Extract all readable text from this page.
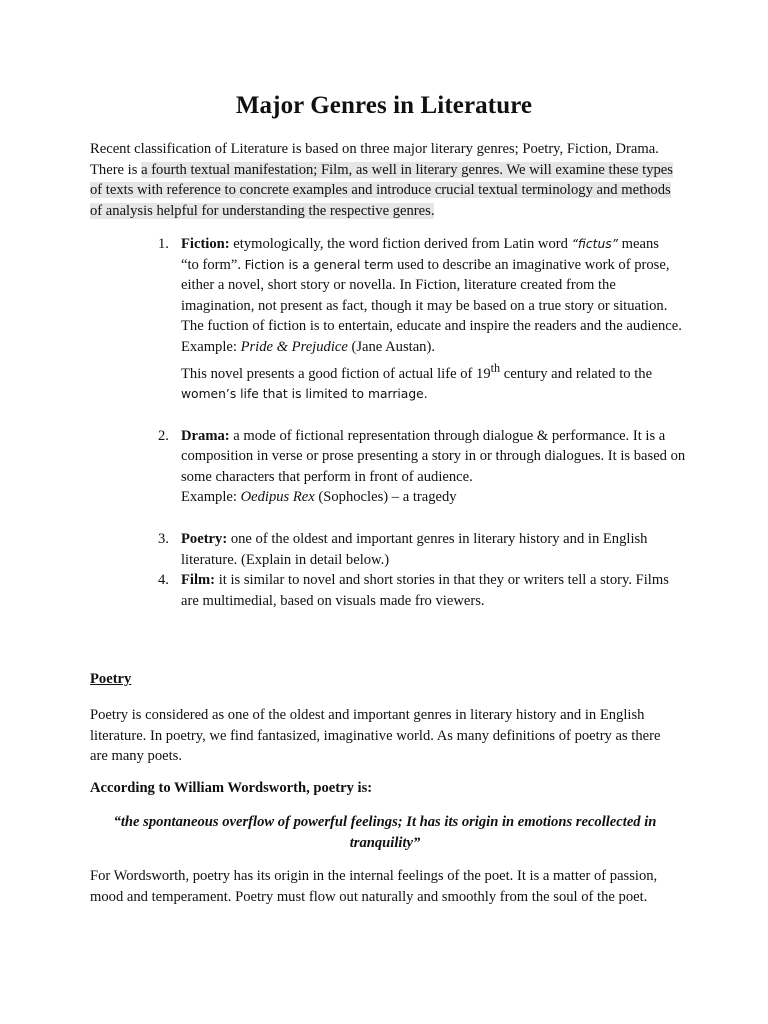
Major Genres in Literature

Recent classification of Literature is based on three major literary genres; Poetry, Fiction, Drama. There is a fourth textual manifestation; Film, as well in literary genres. We will examine these types of texts with reference to concrete examples and introduce crucial textual terminology and methods of analysis helpful for understanding the respective genres.

1. Fiction: etymologically, the word fiction derived from Latin word “fictus” means
“to form”. Fiction is a general term used to describe an imaginative work of prose, either a novel, short story or novella. In Fiction, literature created from the imagination, not present as fact, though it may be based on a true story or situation. The fuction of fiction is to entertain, educate and inspire the readers and the audience.
Example: Pride & Prejudice (Jane Austan).
This novel presents a good fiction of actual life of 19th century and related to the
women’s life that is limited to marriage.
2. Drama: a mode of fictional representation through dialogue & performance. It is a composition in verse or prose presenting a story in or through dialogues. It is based on some characters that perform in front of audience.
Example: Oedipus Rex (Sophocles) – a tragedy
3. Poetry: one of the oldest and important genres in literary history and in English literature. (Explain in detail below.)
4. Film: it is similar to novel and short stories in that they or writers tell a story. Films are multimedial, based on visuals made fro viewers.

Poetry

Poetry is considered as one of the oldest and important genres in literary history and in English literature. In poetry, we find fantasized, imaginative world. As many definitions of poetry as there are many poets.

According to William Wordsworth, poetry is:

“the spontaneous overflow of powerful feelings; It has its origin in emotions recollected in tranquility”

For Wordsworth, poetry has its origin in the internal feelings of the poet. It is a matter of passion, mood and temperament. Poetry must flow out naturally and smoothly from the soul of the poet.
